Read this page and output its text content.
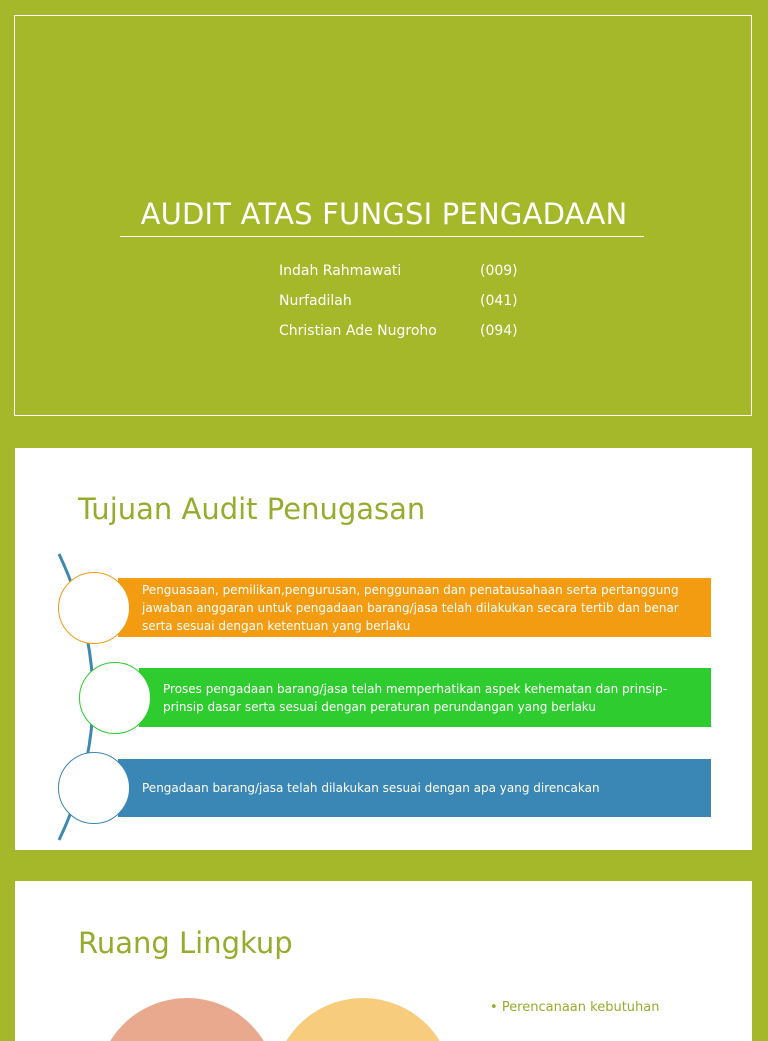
AUDIT ATAS FUNGSI PENGADAAN
Indah Rahmawati	(009)
Nurfadilah	(041)
Christian Ade Nugroho	(094)
Tujuan Audit Penugasan
Penguasaan, pemilikan,pengurusan, penggunaan dan penatausahaan serta pertanggung jawaban anggaran untuk pengadaan barang/jasa telah dilakukan secara tertib dan benar serta sesuai dengan ketentuan yang berlaku
Proses pengadaan barang/jasa telah memperhatikan aspek kehematan dan prinsip-prinsip dasar serta sesuai dengan peraturan perundangan yang berlaku
Pengadaan barang/jasa telah dilakukan sesuai dengan apa yang direncakan
Ruang Lingkup
• Perencanaan kebutuhan
